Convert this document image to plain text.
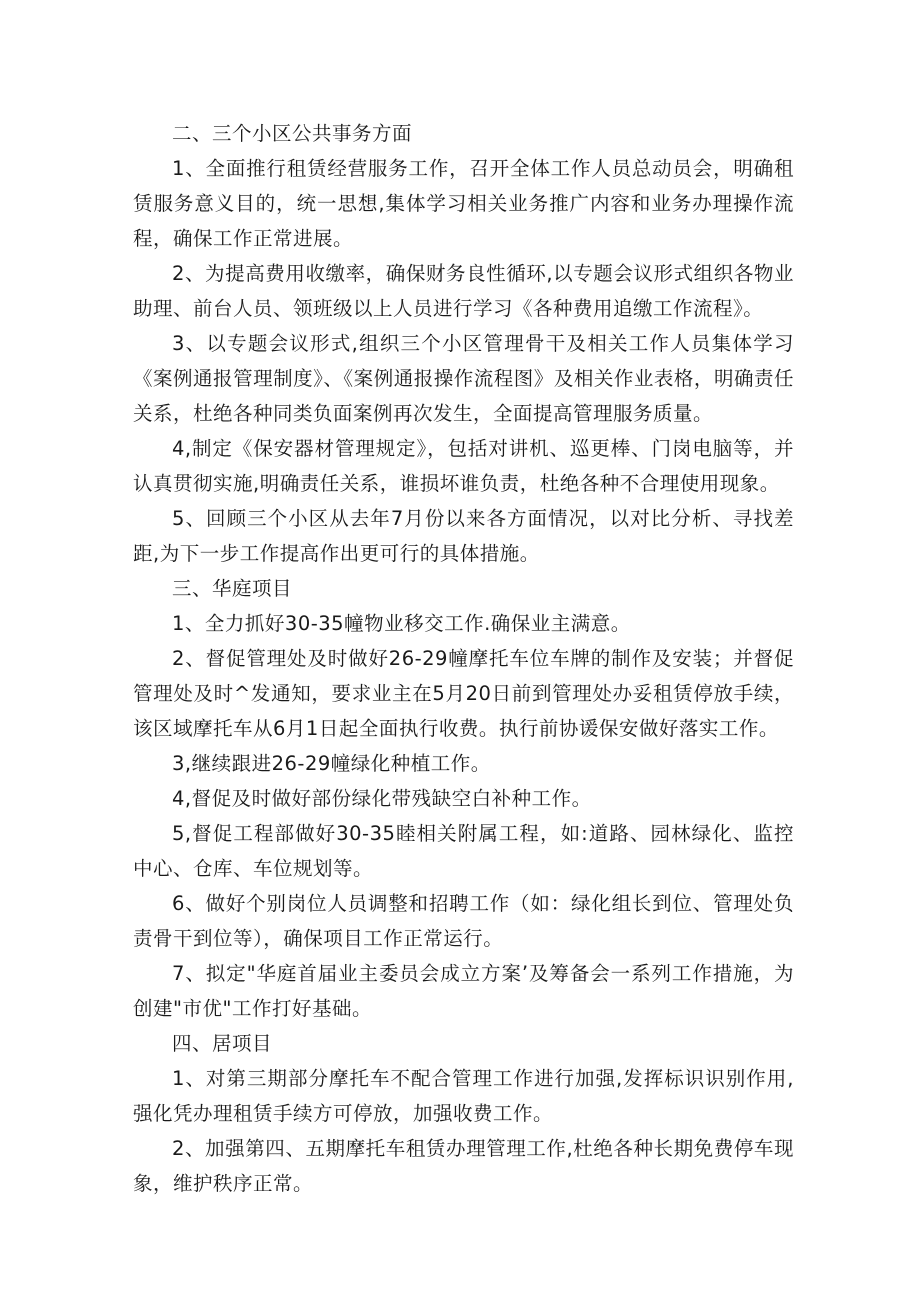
二、三个小区公共事务方面

1、全面推行租赁经营服务工作，召开全体工作人员总动员会，明确租赁服务意义目的，统一思想,集体学习相关业务推广内容和业务办理操作流程，确保工作正常进展。

2、为提高费用收缴率，确保财务良性循环,以专题会议形式组织各物业助理、前台人员、领班级以上人员进行学习《各种费用追缴工作流程》。

3、以专题会议形式,组织三个小区管理骨干及相关工作人员集体学习《案例通报管理制度》、《案例通报操作流程图》及相关作业表格，明确责任关系，杜绝各种同类负面案例再次发生，全面提高管理服务质量。

4,制定《保安器材管理规定》，包括对讲机、巡更棒、门岗电脑等，并认真贯彻实施,明确责任关系，谁损坏谁负责，杜绝各种不合理使用现象。

5、回顾三个小区从去年7月份以来各方面情况，以对比分析、寻找差距,为下一步工作提高作出更可行的具体措施。

三、华庭项目

1、全力抓好30-35幢物业移交工作.确保业主满意。

2、督促管理处及时做好26-29幢摩托车位车牌的制作及安装；并督促管理处及时^发通知，要求业主在5月20日前到管理处办妥租赁停放手续，该区域摩托车从6月1日起全面执行收费。执行前协谖保安做好落实工作。

3,继续跟进26-29幢绿化种植工作。

4,督促及时做好部份绿化带残缺空白补种工作。

5,督促工程部做好30-35睦相关附属工程，如:道路、园林绿化、监控中心、仓库、车位规划等。

6、做好个别岗位人员调整和招聘工作（如：绿化组长到位、管理处负责骨干到位等），确保项目工作正常运行。

7、拟定"华庭首届业主委员会成立方案’及筹备会一系列工作措施，为创建"市优"工作打好基础。

四、居项目

1、对第三期部分摩托车不配合管理工作进行加强,发挥标识识别作用,强化凭办理租赁手续方可停放，加强收费工作。

2、加强第四、五期摩托车租赁办理管理工作,杜绝各种长期免费停车现象，维护秩序正常。
